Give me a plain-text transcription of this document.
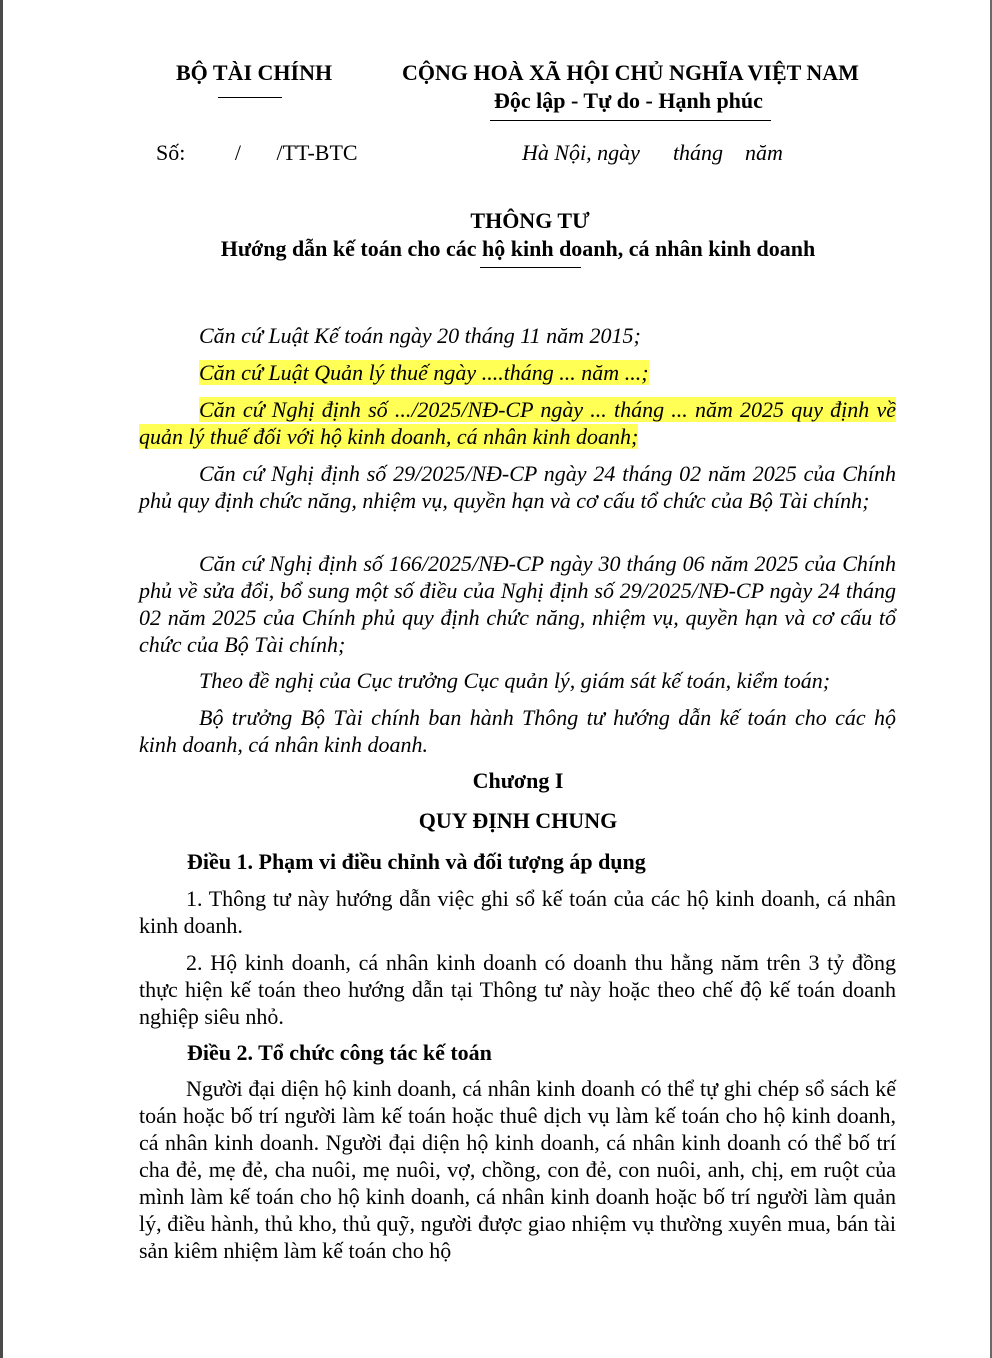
BỘ TÀI CHÍNH	CỘNG HOÀ XÃ HỘI CHỦ NGHĨA VIỆT NAM
Độc lập - Tự do - Hạnh phúc
Số: / /TT-BTC	Hà Nội, ngày      tháng    năm
THÔNG TƯ
Hướng dẫn kế toán cho các hộ kinh doanh, cá nhân kinh doanh

Căn cứ Luật Kế toán ngày 20 tháng 11 năm 2015;

Căn cứ Luật Quản lý thuế ngày ....tháng ... năm ...;

Căn cứ Nghị định số .../2025/NĐ-CP ngày ... tháng ... năm 2025 quy định về quản lý thuế đối với hộ kinh doanh, cá nhân kinh doanh;

Căn cứ Nghị định số 29/2025/NĐ-CP ngày 24 tháng 02 năm 2025 của Chính phủ quy định chức năng, nhiệm vụ, quyền hạn và cơ cấu tổ chức của Bộ Tài chính;

Căn cứ Nghị định số 166/2025/NĐ-CP ngày 30 tháng 06 năm 2025 của Chính phủ về sửa đổi, bổ sung một số điều của Nghị định số 29/2025/NĐ-CP ngày 24 tháng 02 năm 2025 của Chính phủ quy định chức năng, nhiệm vụ, quyền hạn và cơ cấu tổ chức của Bộ Tài chính;

Theo đề nghị của Cục trưởng Cục quản lý, giám sát kế toán, kiểm toán;

Bộ trưởng Bộ Tài chính ban hành Thông tư hướng dẫn kế toán cho các hộ kinh doanh, cá nhân kinh doanh.

Chương I
QUY ĐỊNH CHUNG
Điều 1. Phạm vi điều chỉnh và đối tượng áp dụng

1. Thông tư này hướng dẫn việc ghi sổ kế toán của các hộ kinh doanh, cá nhân kinh doanh.

2. Hộ kinh doanh, cá nhân kinh doanh có doanh thu hằng năm trên 3 tỷ đồng thực hiện kế toán theo hướng dẫn tại Thông tư này hoặc theo chế độ kế toán doanh nghiệp siêu nhỏ.

Điều 2. Tổ chức công tác kế toán

Người đại diện hộ kinh doanh, cá nhân kinh doanh có thể tự ghi chép sổ sách kế toán hoặc bố trí người làm kế toán hoặc thuê dịch vụ làm kế toán cho hộ kinh doanh, cá nhân kinh doanh. Người đại diện hộ kinh doanh, cá nhân kinh doanh có thể bố trí cha đẻ, mẹ đẻ, cha nuôi, mẹ nuôi, vợ, chồng, con đẻ, con nuôi, anh, chị, em ruột của mình làm kế toán cho hộ kinh doanh, cá nhân kinh doanh hoặc bố trí người làm quản lý, điều hành, thủ kho, thủ quỹ, người được giao nhiệm vụ thường xuyên mua, bán tài sản kiêm nhiệm làm kế toán cho hộ
